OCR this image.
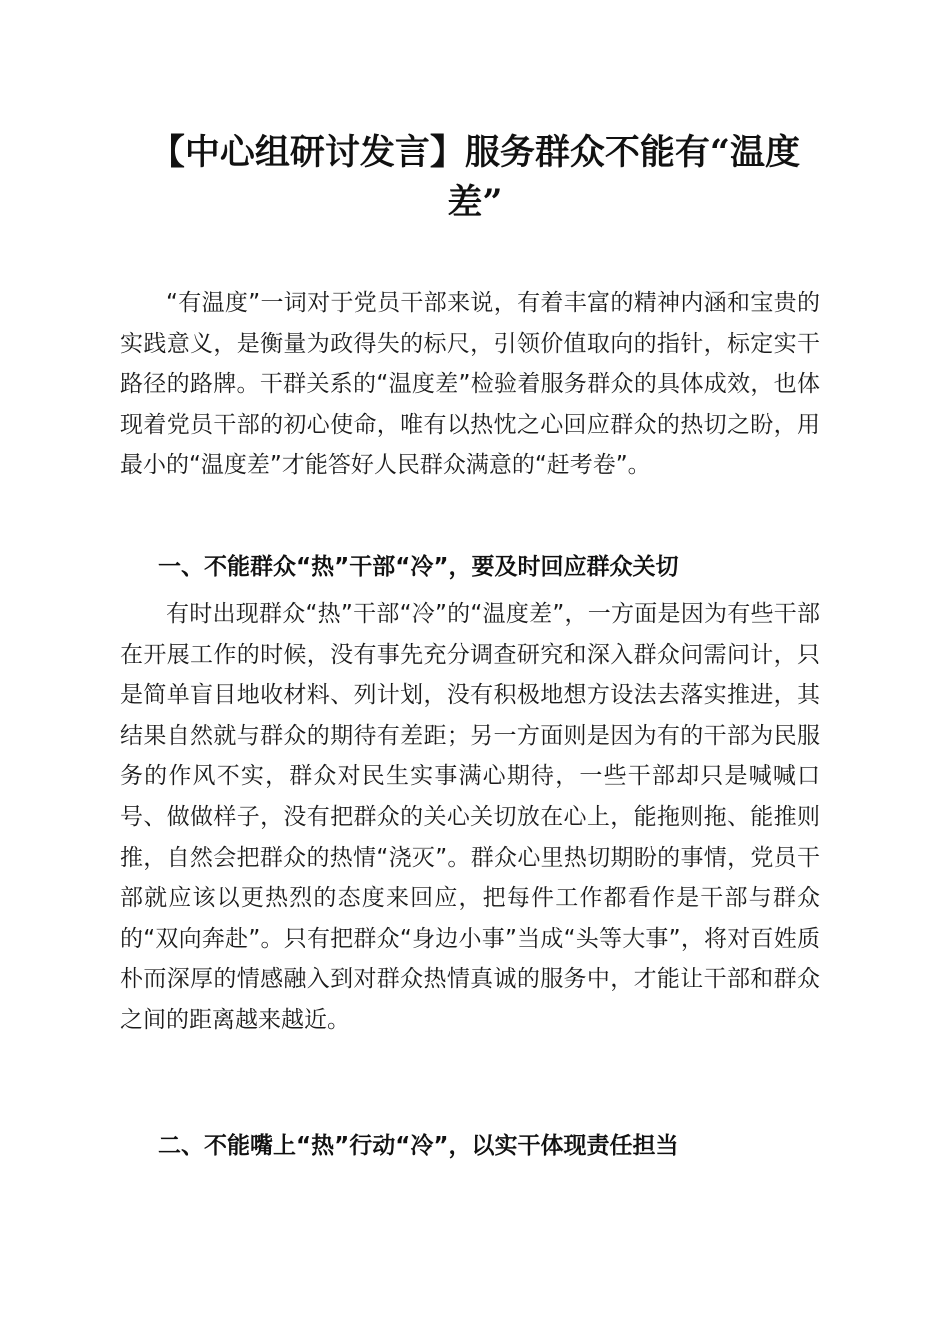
【中心组研讨发言】服务群众不能有“温度差”
“有温度”一词对于党员干部来说，有着丰富的精神内涵和宝贵的实践意义，是衡量为政得失的标尺，引领价值取向的指针，标定实干路径的路牌。干群关系的“温度差”检验着服务群众的具体成效，也体现着党员干部的初心使命，唯有以热忱之心回应群众的热切之盼，用最小的“温度差”才能答好人民群众满意的“赶考卷”。
一、不能群众“热”干部“冷”，要及时回应群众关切
有时出现群众“热”干部“冷”的“温度差”，一方面是因为有些干部在开展工作的时候，没有事先充分调查研究和深入群众问需问计，只是简单盲目地收材料、列计划，没有积极地想方设法去落实推进，其结果自然就与群众的期待有差距；另一方面则是因为有的干部为民服务的作风不实，群众对民生实事满心期待，一些干部却只是喊喊口号、做做样子，没有把群众的关心关切放在心上，能拖则拖、能推则推，自然会把群众的热情“浇灭”。群众心里热切期盼的事情，党员干部就应该以更热烈的态度来回应，把每件工作都看作是干部与群众的“双向奔赴”。只有把群众“身边小事”当成“头等大事”，将对百姓质朴而深厚的情感融入到对群众热情真诚的服务中，才能让干部和群众之间的距离越来越近。
二、不能嘴上“热”行动“冷”，以实干体现责任担当
